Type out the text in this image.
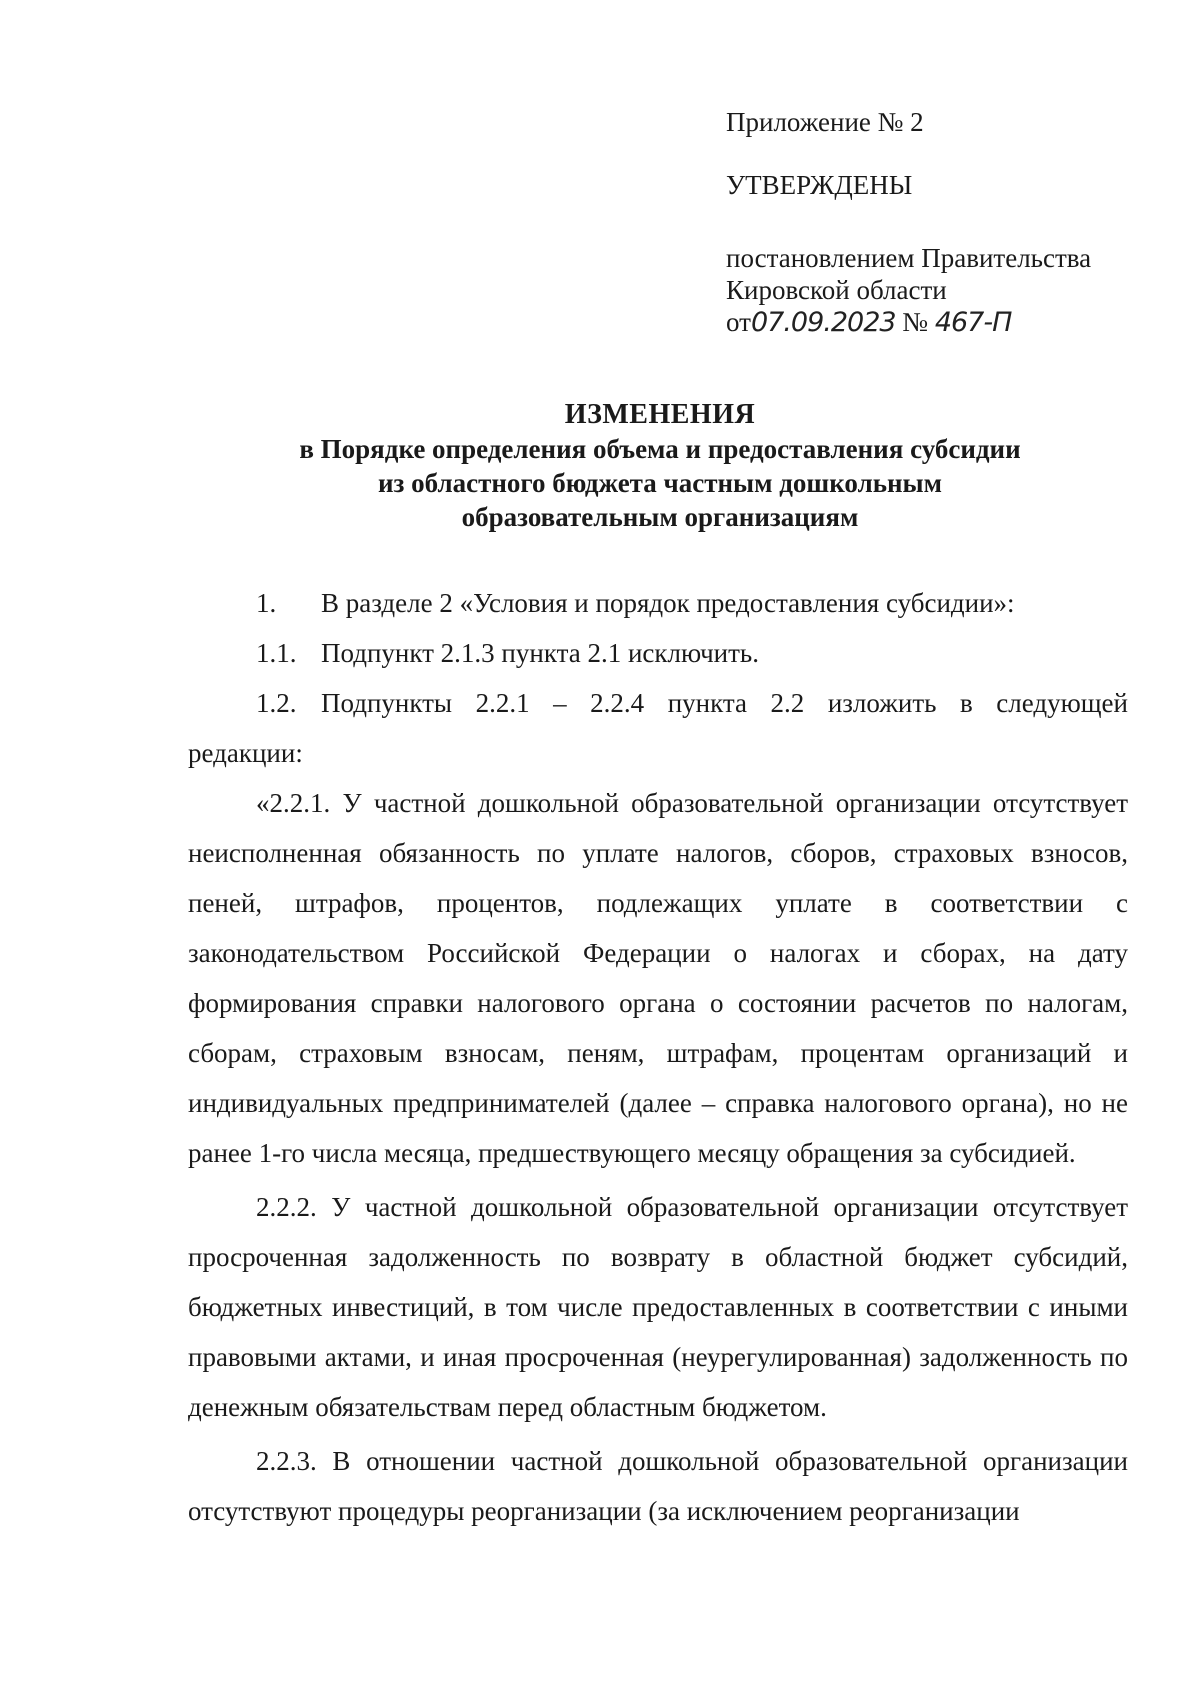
Приложение № 2
УТВЕРЖДЕНЫ
постановлением Правительства
Кировской области
от07.09.2023 № 467-П
ИЗМЕНЕНИЯ
в Порядке определения объема и предоставления субсидии
из областного бюджета частным дошкольным
образовательным организациям
1.	В разделе 2 «Условия и порядок предоставления субсидии»:
1.1. Подпункт 2.1.3 пункта 2.1 исключить.
1.2. Подпункты 2.2.1 – 2.2.4 пункта 2.2 изложить в следующей
редакции:

«2.2.1. У частной дошкольной образовательной организации отсутствует неисполненная обязанность по уплате налогов, сборов, страховых взносов, пеней, штрафов, процентов, подлежащих уплате в соответствии с законодательством Российской Федерации о налогах и сборах, на дату формирования справки налогового органа о состоянии расчетов по налогам, сборам, страховым взносам, пеням, штрафам, процентам организаций и индивидуальных предпринимателей (далее – справка налогового органа), но не ранее 1-го числа месяца, предшествующего месяцу обращения за субсидией.

2.2.2. У частной дошкольной образовательной организации отсутствует просроченная задолженность по возврату в областной бюджет субсидий, бюджетных инвестиций, в том числе предоставленных в соответствии с иными правовыми актами, и иная просроченная (неурегулированная) задолженность по денежным обязательствам перед областным бюджетом.

2.2.3. В отношении частной дошкольной образовательной организации отсутствуют процедуры реорганизации (за исключением реорганизации
